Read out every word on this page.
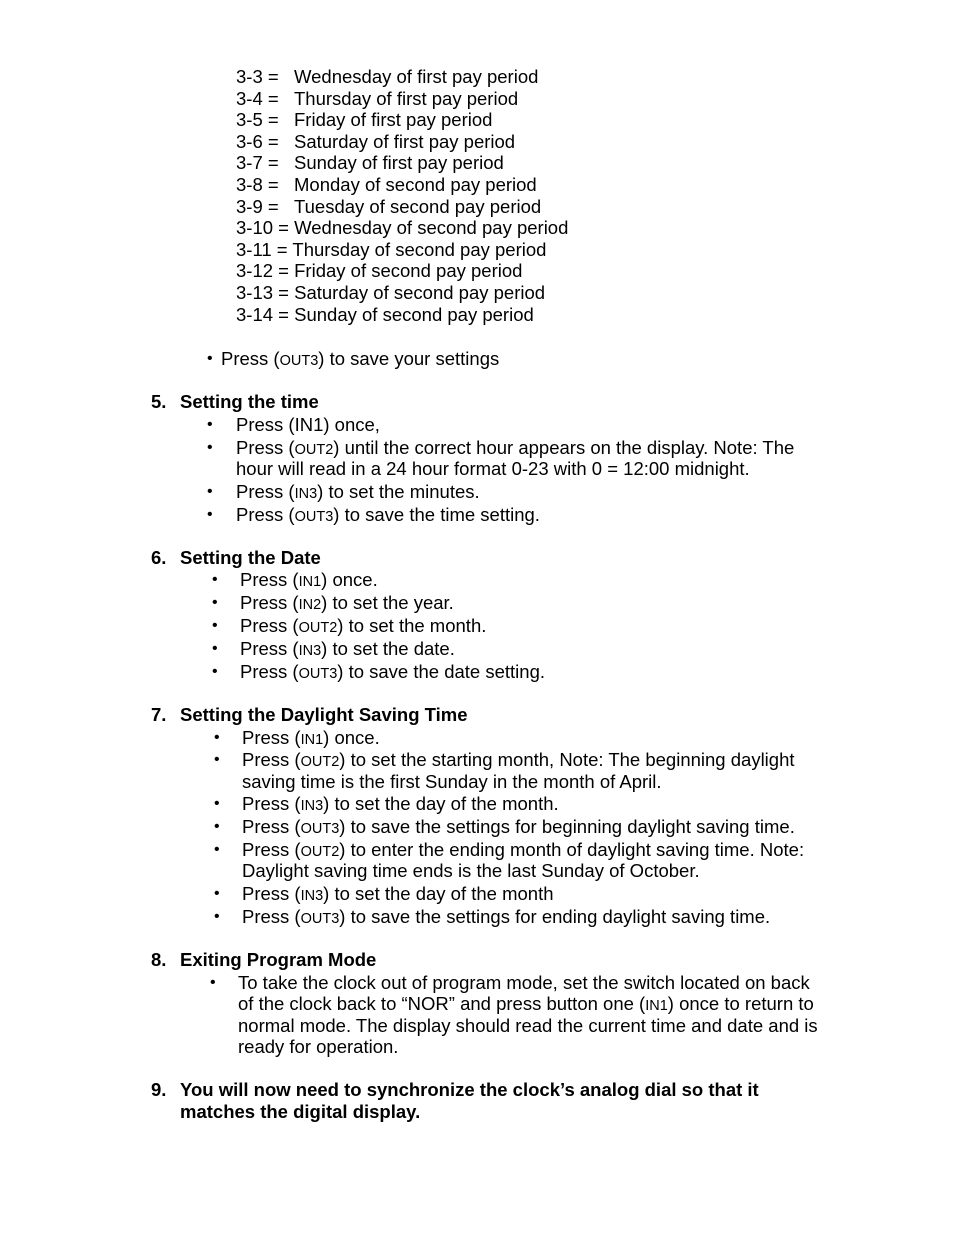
3-3 = Wednesday of first pay period
3-4 = Thursday of first pay period
3-5 = Friday of first pay period
3-6 = Saturday of first pay period
3-7 = Sunday of first pay period
3-8 = Monday of second pay period
3-9 = Tuesday of second pay period
3-10 = Wednesday of second pay period
3-11 = Thursday of second pay period
3-12 = Friday of second pay period
3-13 = Saturday of second pay period
3-14 = Sunday of second pay period
• Press (OUT3) to save your settings
5. Setting the time
• Press (IN1) once,
• Press (OUT2) until the correct hour appears on the display. Note: The
hour will read in a 24 hour format 0-23 with 0 = 12:00 midnight.
• Press (IN3) to set the minutes.
• Press (OUT3) to save the time setting.
6. Setting the Date
• Press (IN1) once.
• Press (IN2) to set the year.
• Press (OUT2) to set the month.
• Press (IN3) to set the date.
• Press (OUT3) to save the date setting.
7. Setting the Daylight Saving Time
• Press (IN1) once.
• Press (OUT2) to set the starting month, Note: The beginning daylight
saving time is the first Sunday in the month of April.
• Press (IN3) to set the day of the month.
• Press (OUT3) to save the settings for beginning daylight saving time.
• Press (OUT2) to enter the ending month of daylight saving time. Note:
Daylight saving time ends is the last Sunday of October.
• Press (IN3) to set the day of the month
• Press (OUT3) to save the settings for ending daylight saving time.
8. Exiting Program Mode
• To take the clock out of program mode, set the switch located on back
of the clock back to “NOR” and press button one (IN1) once to return to
normal mode. The display should read the current time and date and is
ready for operation.
9. You will now need to synchronize the clock’s analog dial so that it
matches the digital display.
